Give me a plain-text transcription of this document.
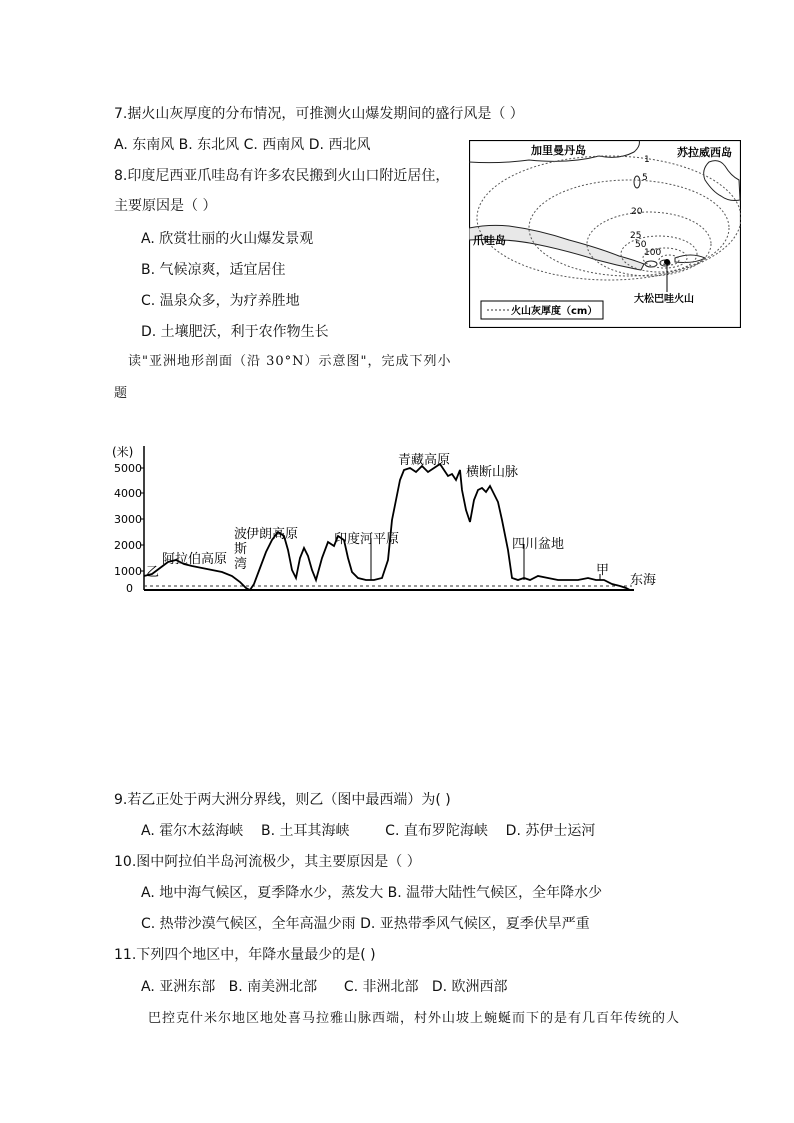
7.据火山灰厚度的分布情况，可推测火山爆发期间的盛行风是（ ）
A. 东南风 B. 东北风 C. 西南风 D. 西北风
8.印度尼西亚爪哇岛有许多农民搬到火山口附近居住，
主要原因是（ ）
A. 欣赏壮丽的火山爆发景观
B. 气候凉爽，适宜居住
C. 温泉众多，为疗养胜地
D. 土壤肥沃，利于农作物生长
加里曼丹岛	苏拉威西岛
爪哇岛
大松巴哇火山
1
5
20
25
50
100
火山灰厚度（cm）
读"亚洲地形剖面（沿 30°N）示意图"，完成下列小
题
(米)
5000
4000
3000
2000
1000
0
乙
阿拉伯高原
波
斯
湾
伊朗高原	印度河平原
青藏高原
横断山脉
四川盆地
甲
东海
9.若乙正处于两大洲分界线，则乙（图中最西端）为( )
A. 霍尔木兹海峡 B. 土耳其海峡	C. 直布罗陀海峡 D. 苏伊士运河
10.图中阿拉伯半岛河流极少，其主要原因是（ ）
A. 地中海气候区，夏季降水少，蒸发大 B. 温带大陆性气候区，全年降水少
C. 热带沙漠气候区，全年高温少雨 D. 亚热带季风气候区，夏季伏旱严重
11.下列四个地区中，年降水量最少的是( )
A. 亚洲东部 B. 南美洲北部 C. 非洲北部 D. 欧洲西部
巴控克什米尔地区地处喜马拉雅山脉西端，村外山坡上蜿蜒而下的是有几百年传统的人
